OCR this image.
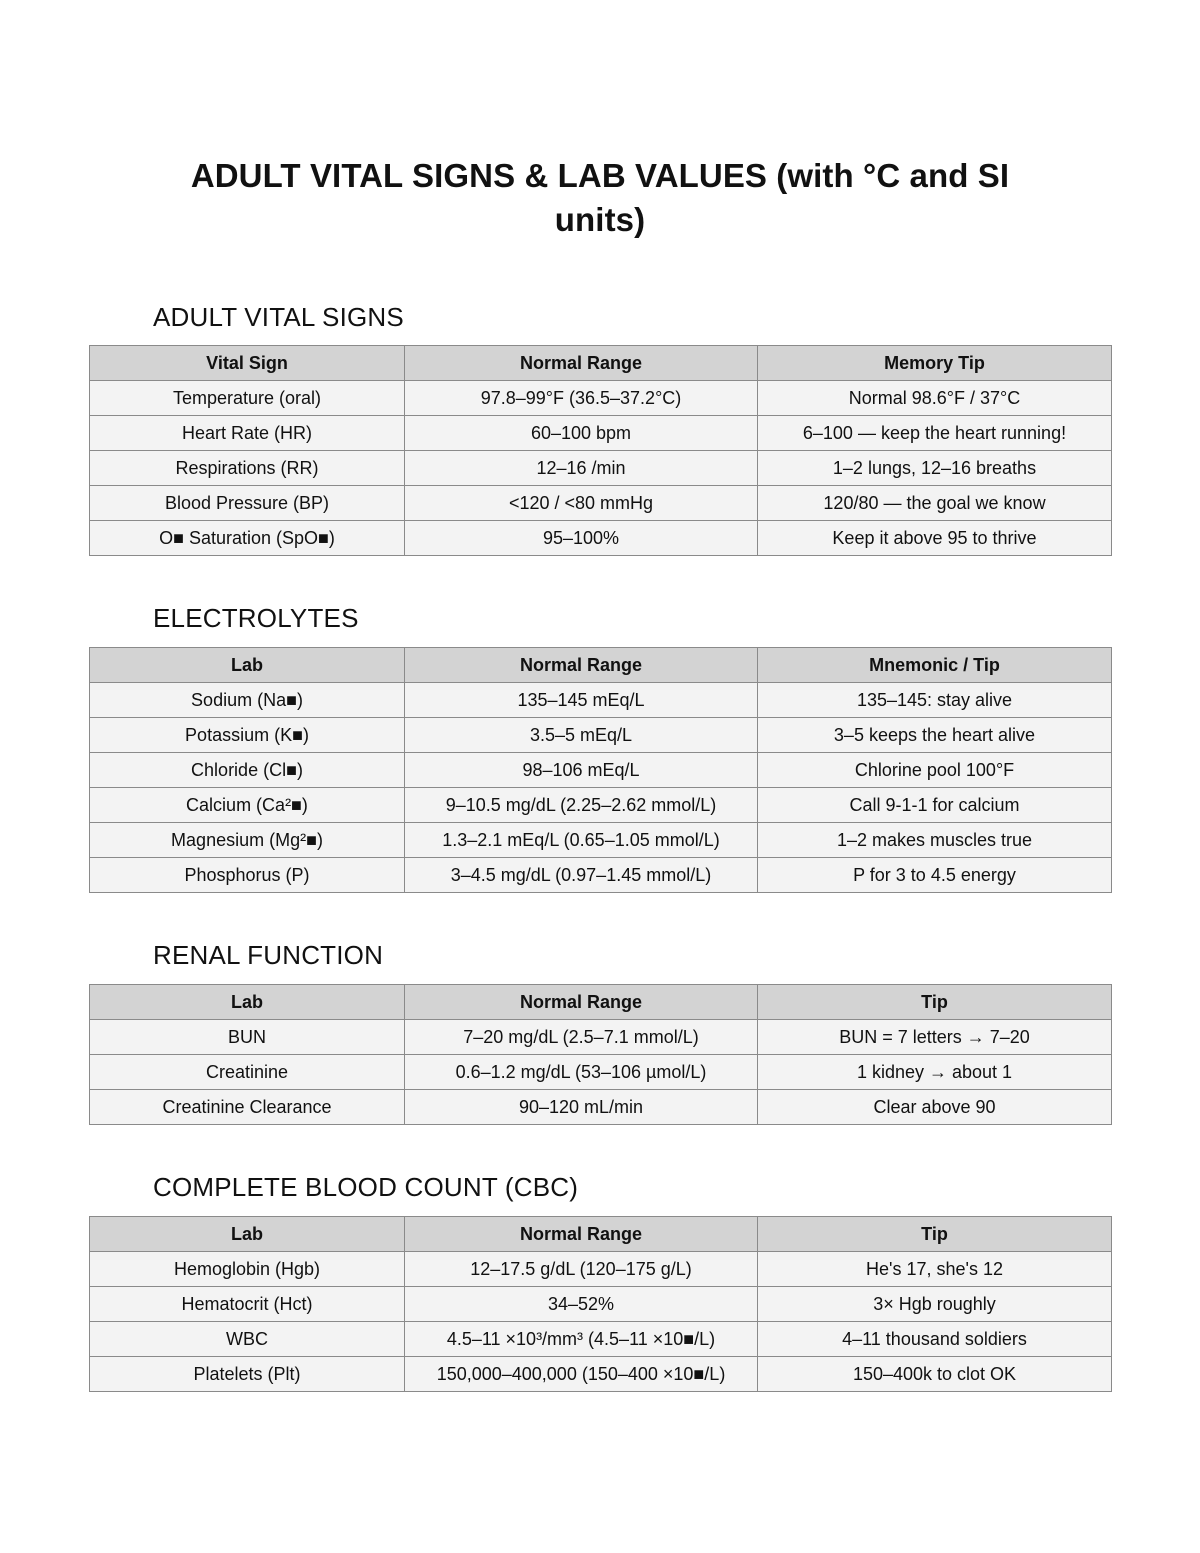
ADULT VITAL SIGNS & LAB VALUES (with °C and SI units)
ADULT VITAL SIGNS
Vital Sign	Normal Range	Memory Tip
Temperature (oral)	97.8–99°F (36.5–37.2°C)	Normal 98.6°F / 37°C
Heart Rate (HR)	60–100 bpm	6–100 — keep the heart running!
Respirations (RR)	12–16 /min	1–2 lungs, 12–16 breaths
Blood Pressure (BP)	<120 / <80 mmHg	120/80 — the goal we know
O■ Saturation (SpO■)	95–100%	Keep it above 95 to thrive
ELECTROLYTES
Lab	Normal Range	Mnemonic / Tip
Sodium (Na■)	135–145 mEq/L	135–145: stay alive
Potassium (K■)	3.5–5 mEq/L	3–5 keeps the heart alive
Chloride (Cl■)	98–106 mEq/L	Chlorine pool 100°F
Calcium (Ca²■)	9–10.5 mg/dL (2.25–2.62 mmol/L)	Call 9-1-1 for calcium
Magnesium (Mg²■)	1.3–2.1 mEq/L (0.65–1.05 mmol/L)	1–2 makes muscles true
Phosphorus (P)	3–4.5 mg/dL (0.97–1.45 mmol/L)	P for 3 to 4.5 energy
RENAL FUNCTION
Lab	Normal Range	Tip
BUN	7–20 mg/dL (2.5–7.1 mmol/L)	BUN = 7 letters → 7–20
Creatinine	0.6–1.2 mg/dL (53–106 µmol/L)	1 kidney → about 1
Creatinine Clearance	90–120 mL/min	Clear above 90
COMPLETE BLOOD COUNT (CBC)
Lab	Normal Range	Tip
Hemoglobin (Hgb)	12–17.5 g/dL (120–175 g/L)	He's 17, she's 12
Hematocrit (Hct)	34–52%	3× Hgb roughly
WBC	4.5–11 ×10³/mm³ (4.5–11 ×10■/L)	4–11 thousand soldiers
Platelets (Plt)	150,000–400,000 (150–400 ×10■/L)	150–400k to clot OK
